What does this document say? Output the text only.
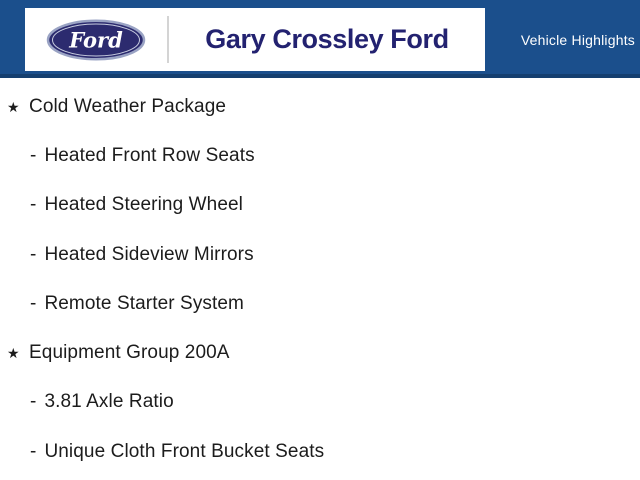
Ford	Gary Crossley Ford	Vehicle Highlights
★ Cold Weather Package
- Heated Front Row Seats
- Heated Steering Wheel
- Heated Sideview Mirrors
- Remote Starter System
★ Equipment Group 200A
- 3.81 Axle Ratio
- Unique Cloth Front Bucket Seats
